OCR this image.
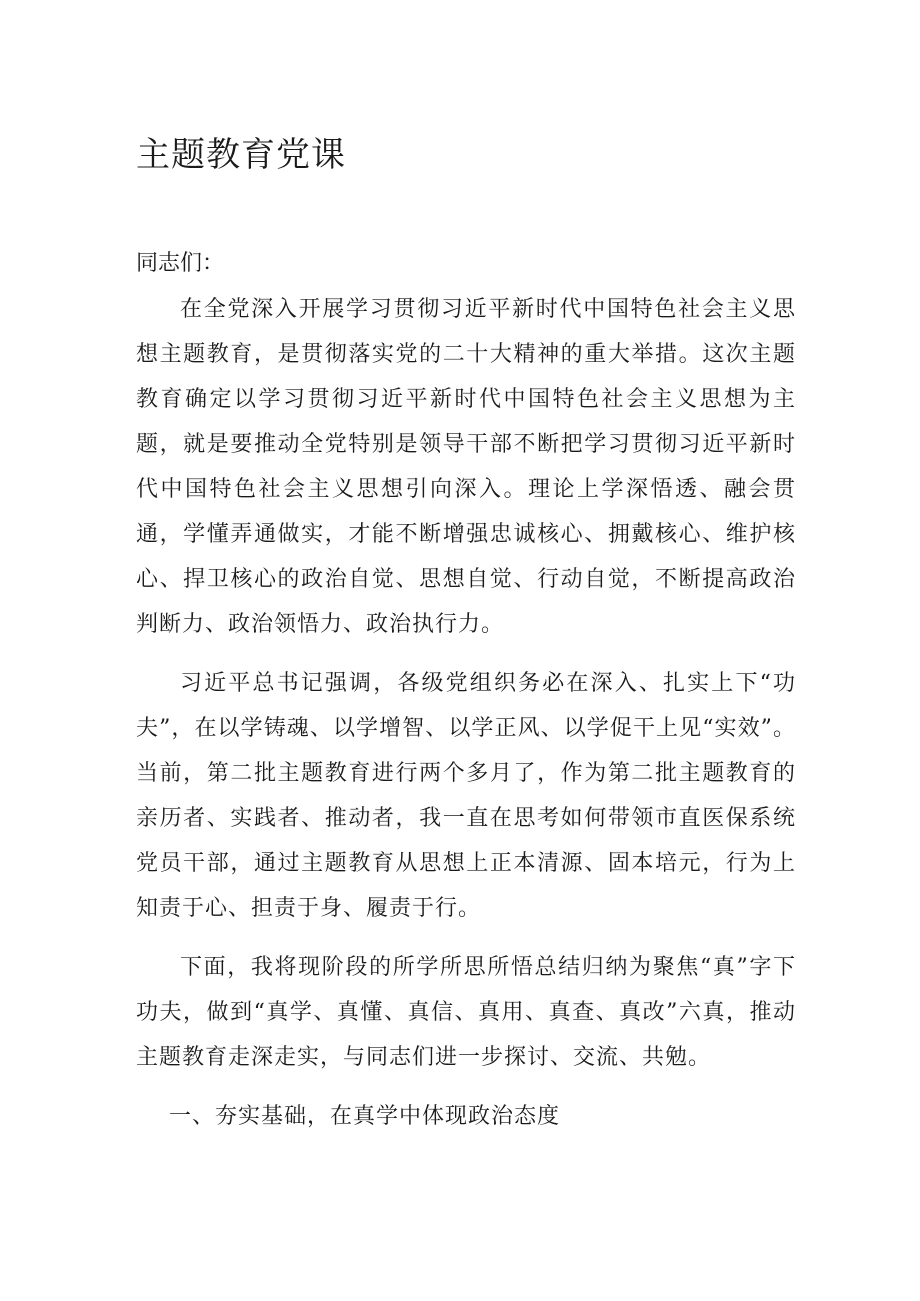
主题教育党课

同志们：

在全党深入开展学习贯彻习近平新时代中国特色社会主义思想主题教育，是贯彻落实党的二十大精神的重大举措。这次主题教育确定以学习贯彻习近平新时代中国特色社会主义思想为主题，就是要推动全党特别是领导干部不断把学习贯彻习近平新时代中国特色社会主义思想引向深入。理论上学深悟透、融会贯通，学懂弄通做实，才能不断增强忠诚核心、拥戴核心、维护核心、捍卫核心的政治自觉、思想自觉、行动自觉，不断提高政治判断力、政治领悟力、政治执行力。

习近平总书记强调，各级党组织务必在深入、扎实上下“功夫”，在以学铸魂、以学增智、以学正风、以学促干上见“实效”。当前，第二批主题教育进行两个多月了，作为第二批主题教育的亲历者、实践者、推动者，我一直在思考如何带领市直医保系统党员干部，通过主题教育从思想上正本清源、固本培元，行为上知责于心、担责于身、履责于行。

下面，我将现阶段的所学所思所悟总结归纳为聚焦“真”字下功夫，做到“真学、真懂、真信、真用、真查、真改”六真，推动主题教育走深走实，与同志们进一步探讨、交流、共勉。

一、夯实基础，在真学中体现政治态度
